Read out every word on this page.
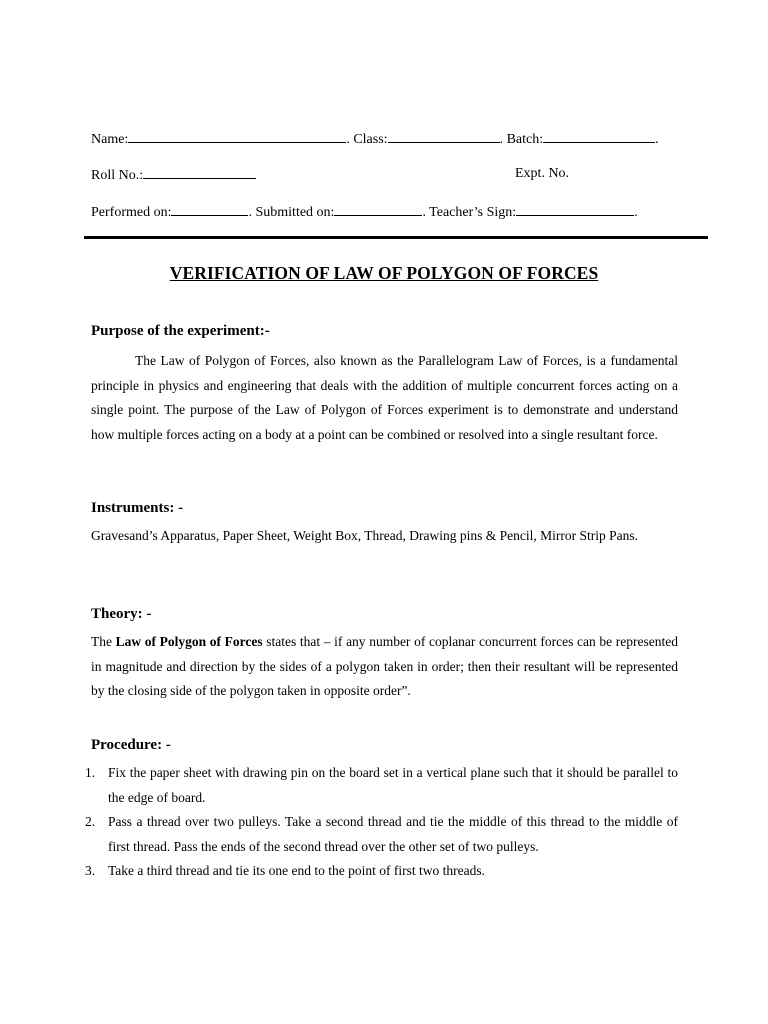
Name:	. Class:	. Batch:	.
Roll No.:	Expt. No.
Performed on:	. Submitted on:	. Teacher’s Sign:	.
VERIFICATION OF LAW OF POLYGON OF FORCES
Purpose of the experiment:-

The Law of Polygon of Forces, also known as the Parallelogram Law of Forces, is a fundamental principle in physics and engineering that deals with the addition of multiple concurrent forces acting on a single point. The purpose of the Law of Polygon of Forces experiment is to demonstrate and understand how multiple forces acting on a body at a point can be combined or resolved into a single resultant force.

Instruments: -

Gravesand’s Apparatus, Paper Sheet, Weight Box, Thread, Drawing pins & Pencil, Mirror Strip Pans.

Theory: -

The Law of Polygon of Forces states that – if any number of coplanar concurrent forces can be represented in magnitude and direction by the sides of a polygon taken in order; then their resultant will be represented by the closing side of the polygon taken in opposite order”.

Procedure: -
1. Fix the paper sheet with drawing pin on the board set in a vertical plane such that it should be parallel to the edge of board.
2. Pass a thread over two pulleys. Take a second thread and tie the middle of this thread to the middle of first thread. Pass the ends of the second thread over the other set of two pulleys.
3. Take a third thread and tie its one end to the point of first two threads.
